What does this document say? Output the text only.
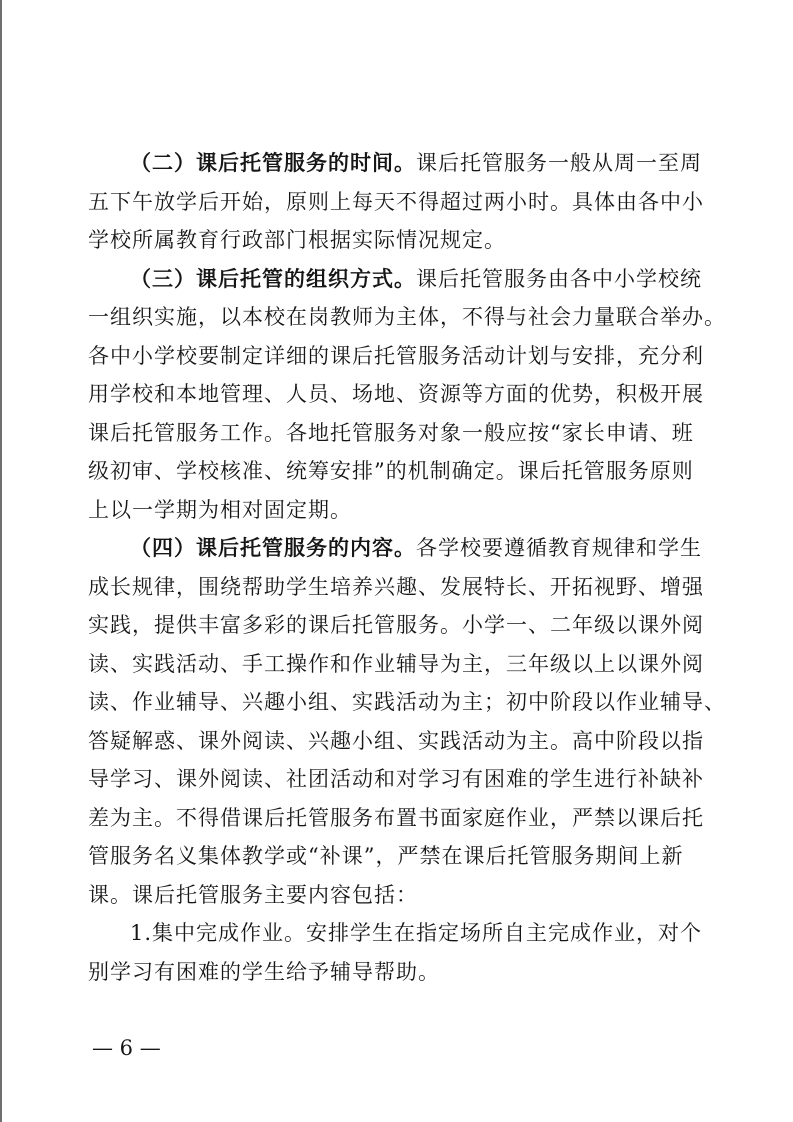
（二）课后托管服务的时间。课后托管服务一般从周一至周
五下午放学后开始，原则上每天不得超过两小时。具体由各中小
学校所属教育行政部门根据实际情况规定。
（三）课后托管的组织方式。课后托管服务由各中小学校统
一组织实施，以本校在岗教师为主体，不得与社会力量联合举办。
各中小学校要制定详细的课后托管服务活动计划与安排，充分利
用学校和本地管理、人员、场地、资源等方面的优势，积极开展
课后托管服务工作。各地托管服务对象一般应按“家长申请、班
级初审、学校核准、统筹安排”的机制确定。课后托管服务原则
上以一学期为相对固定期。
（四）课后托管服务的内容。各学校要遵循教育规律和学生
成长规律，围绕帮助学生培养兴趣、发展特长、开拓视野、增强
实践，提供丰富多彩的课后托管服务。小学一、二年级以课外阅
读、实践活动、手工操作和作业辅导为主，三年级以上以课外阅
读、作业辅导、兴趣小组、实践活动为主；初中阶段以作业辅导、
答疑解惑、课外阅读、兴趣小组、实践活动为主。高中阶段以指
导学习、课外阅读、社团活动和对学习有困难的学生进行补缺补
差为主。不得借课后托管服务布置书面家庭作业，严禁以课后托
管服务名义集体教学或“补课”，严禁在课后托管服务期间上新
课。课后托管服务主要内容包括：
1.集中完成作业。安排学生在指定场所自主完成作业，对个
别学习有困难的学生给予辅导帮助。
— 6 —
